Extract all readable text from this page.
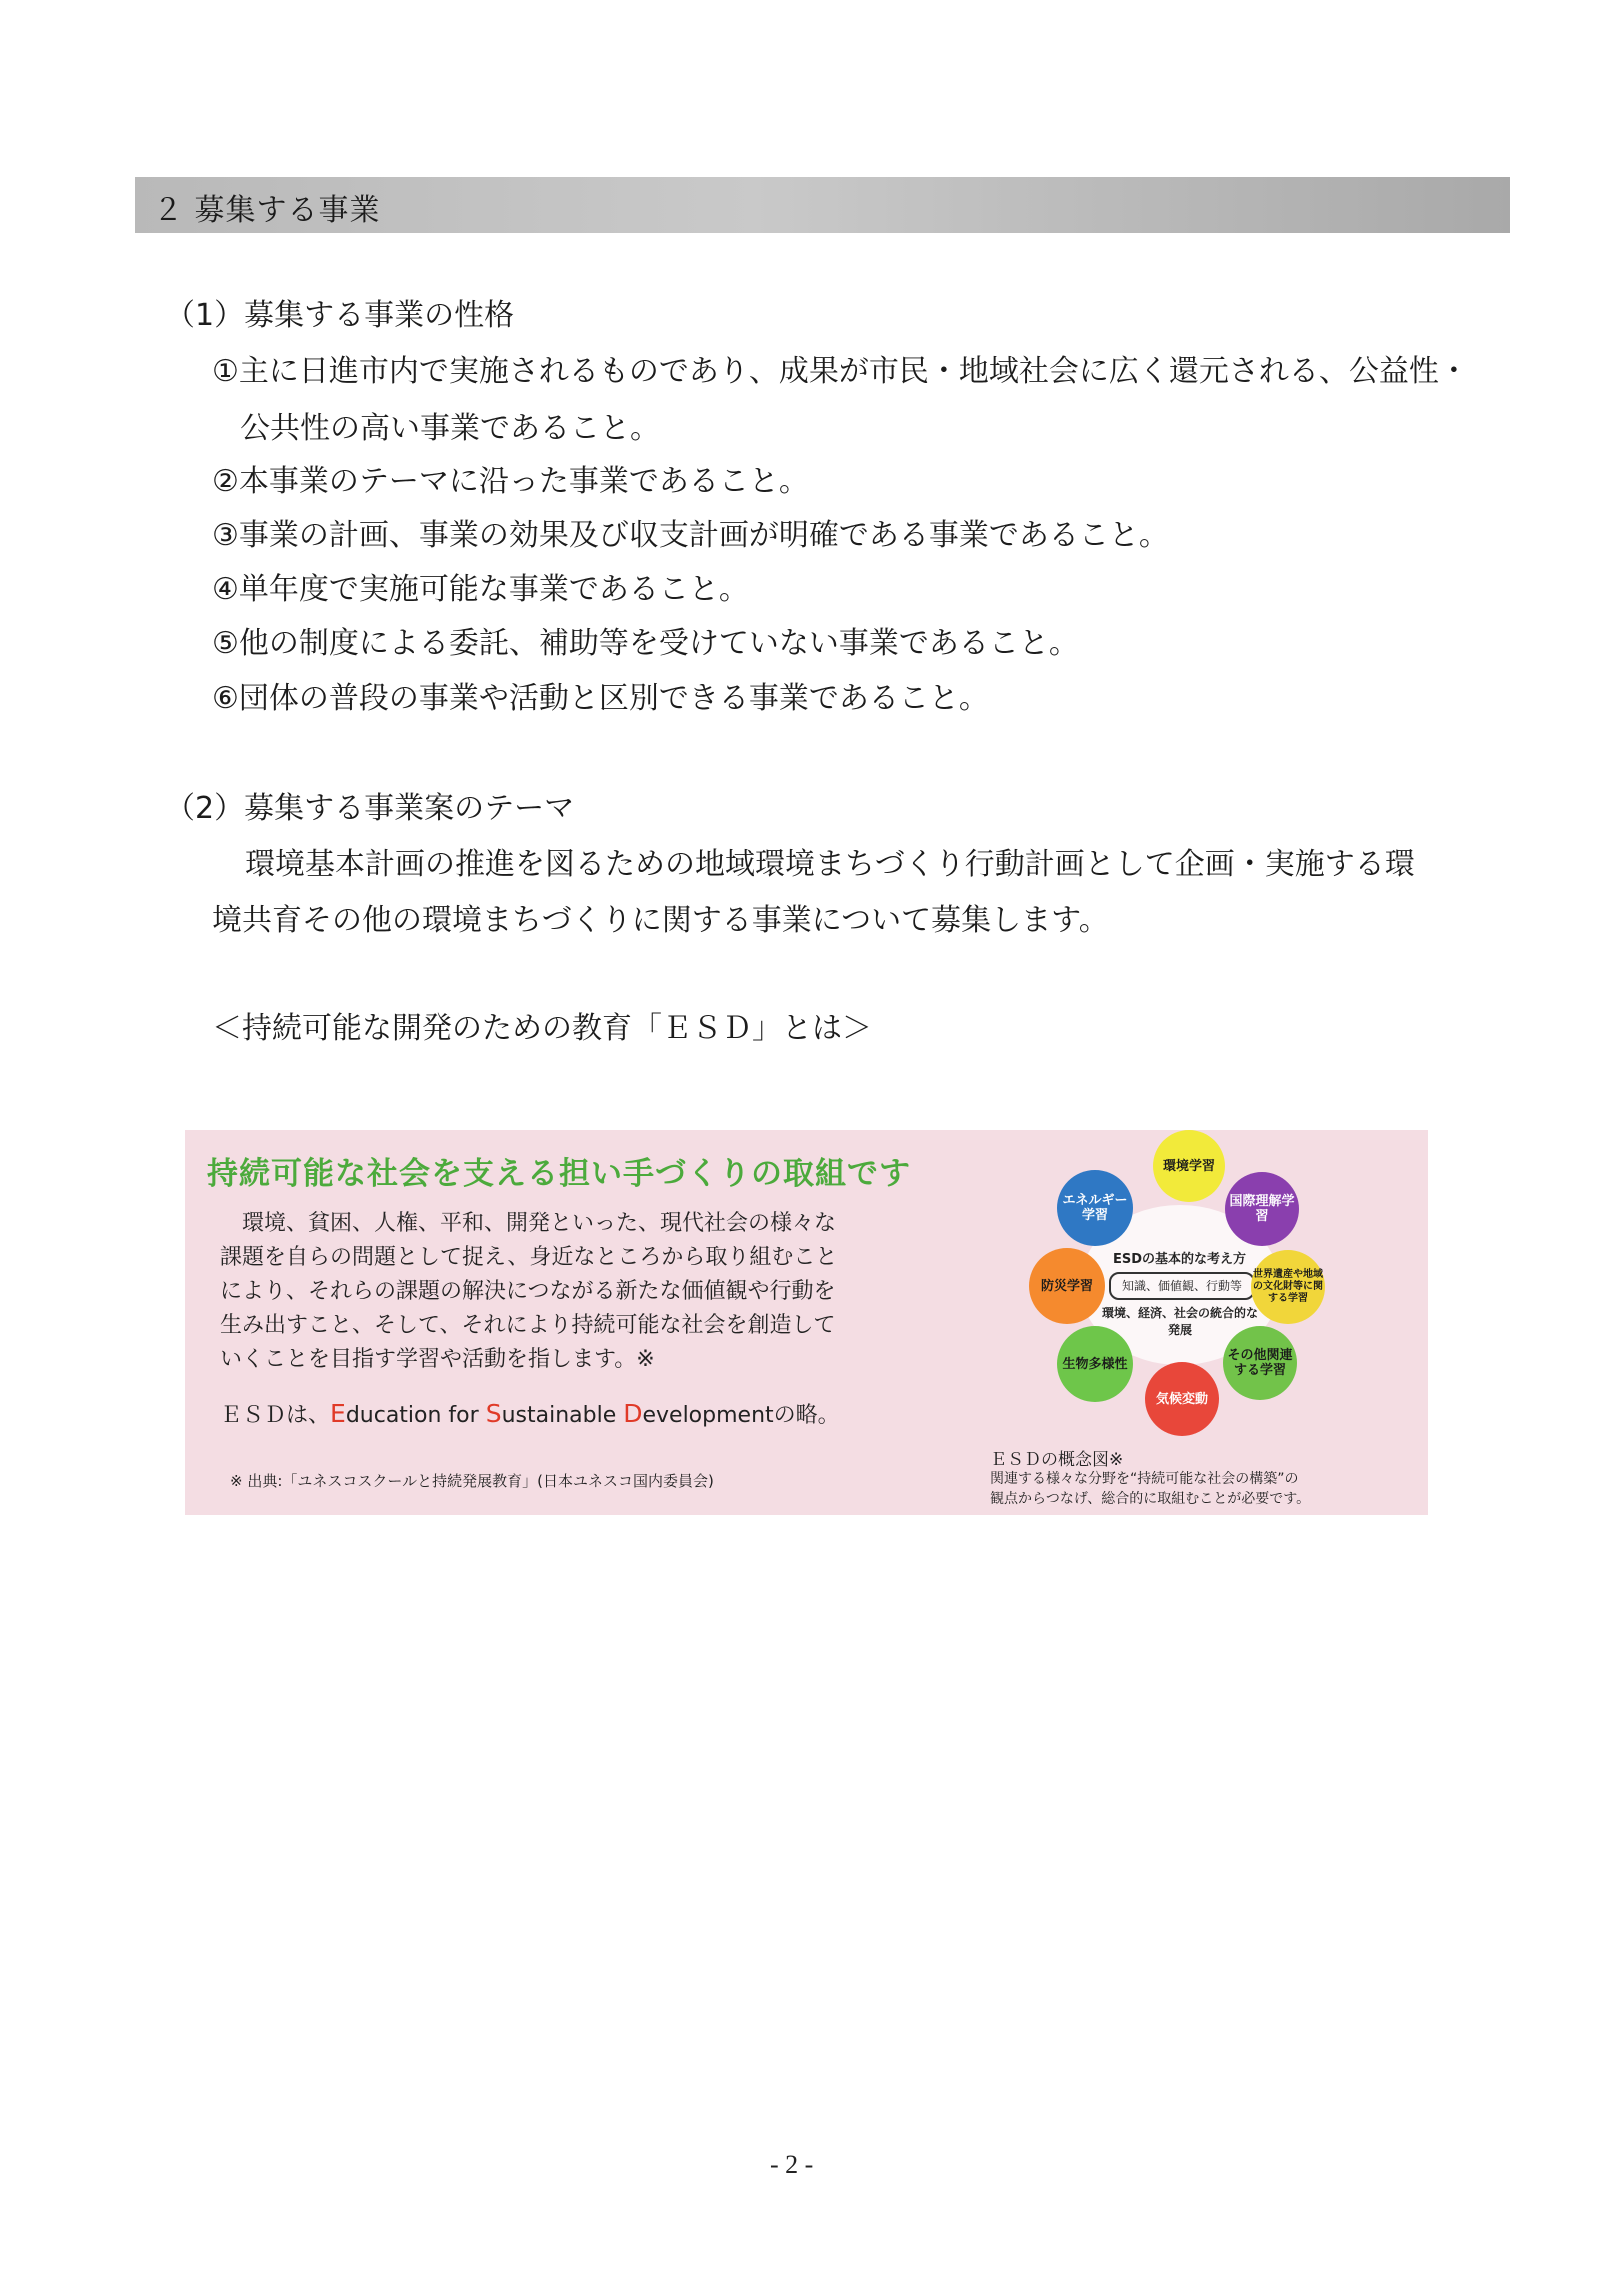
２ 募集する事業
（1）募集する事業の性格
①主に日進市内で実施されるものであり、成果が市民・地域社会に広く還元される、公益性・
公共性の高い事業であること。
②本事業のテーマに沿った事業であること。
③事業の計画、事業の効果及び収支計画が明確である事業であること。
④単年度で実施可能な事業であること。
⑤他の制度による委託、補助等を受けていない事業であること。
⑥団体の普段の事業や活動と区別できる事業であること。
（2）募集する事業案のテーマ
環境基本計画の推進を図るための地域環境まちづくり行動計画として企画・実施する環
境共育その他の環境まちづくりに関する事業について募集します。
＜持続可能な開発のための教育「ＥＳＤ」とは＞
持続可能な社会を支える担い手づくりの取組です

　環境、貧困、人権、平和、開発といった、現代社会の様々な

課題を自らの問題として捉え、身近なところから取り組むこと

により、それらの課題の解決につながる新たな価値観や行動を

生み出すこと、そして、それにより持続可能な社会を創造して

いくことを目指す学習や活動を指します。※

ＥＳＤは、Education for Sustainable Developmentの略。
※ 出典:「ユネスコスクールと持続発展教育」(日本ユネスコ国内委員会)
ESDの基本的な考え方
知識、価値観、行動等
環境、経済、社会の統合的な発展
環境学習
国際理解学習
世界遺産や地域の文化財等に関する学習
その他関連する学習
気候変動
生物多様性
防災学習
エネルギー学習
ＥＳＤの概念図※
関連する様々な分野を“持続可能な社会の構築”の
観点からつなげ、総合的に取組むことが必要です。
- 2 -
